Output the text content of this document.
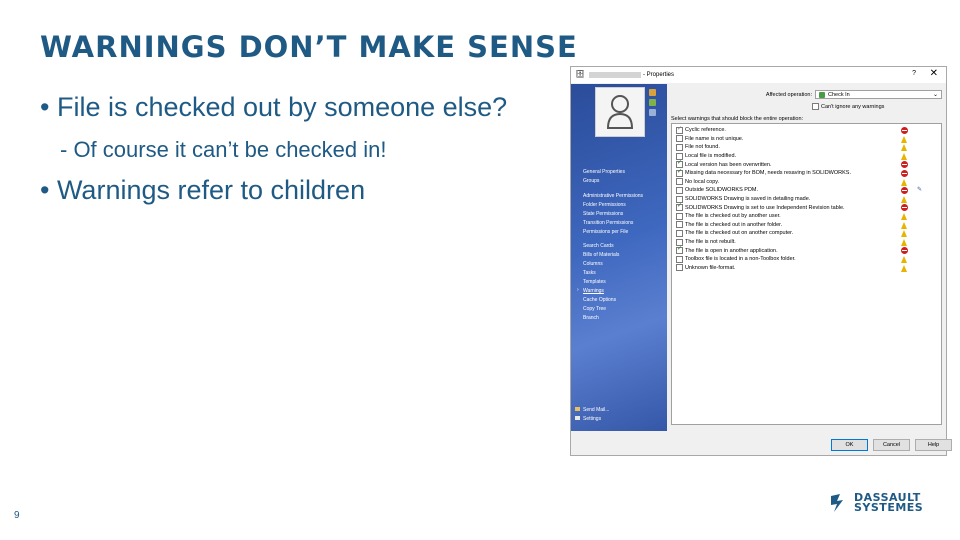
WARNINGS DON’T MAKE SENSE
• File is checked out by someone else?
- Of course it can’t be checked in!
• Warnings refer to children
9
DASSAULT
SYSTEMES
🗄	- Properties	? ✕
General Properties
Groups
Administrative Permissions
Folder Permissions
State Permissions
Transition Permissions
Permissions per File
Search Cards
Bills of Materials
Columns
Tasks
Templates
Warnings
Cache Options
Copy Tree
Branch
›
Send Mail...
Settings
Affected operation:	Check In	⌄
Can't ignore any warnings
Select warnings that should block the entire operation:
✓
Cyclic reference.
File name is not unique.
File not found.
Local file is modified.
✓
Local version has been overwritten.
✓
Missing data necessary for BOM, needs resaving in SOLIDWORKS.
No local copy.
Outside SOLIDWORKS PDM.	✎
SOLIDWORKS Drawing is saved in detailing made.
✓
SOLIDWORKS Drawing is set to use Independent Revision table.
The file is checked out by another user.
The file is checked out in another folder.
The file is checked out on another computer.
The file is not rebuilt.
✓
The file is open in another application.
Toolbox file is located in a non-Toolbox folder.
Unknown file-format.
OK	Cancel	Help
